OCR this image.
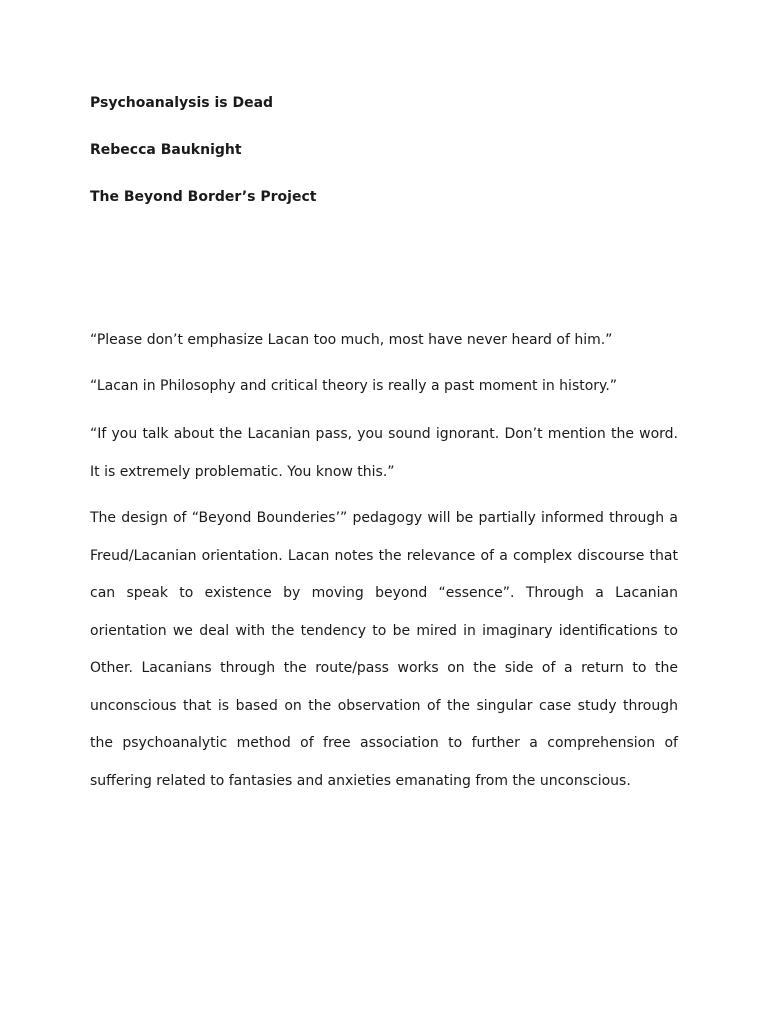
Psychoanalysis is Dead

Rebecca Bauknight

The Beyond Border’s Project

“Please don’t emphasize Lacan too much, most have never heard of him.”

“Lacan in Philosophy and critical theory is really a past moment in history.”

“If you talk about the Lacanian pass, you sound ignorant. Don’t mention the word. It is extremely problematic. You know this.”

The design of “Beyond Bounderies’” pedagogy will be partially informed through a Freud/Lacanian orientation. Lacan notes the relevance of a complex discourse that can speak to existence by moving beyond “essence”. Through a Lacanian orientation we deal with the tendency to be mired in imaginary identifications to Other. Lacanians through the route/pass works on the side of a return to the unconscious that is based on the observation of the singular case study through the psychoanalytic method of free association to further a comprehension of suffering related to fantasies and anxieties emanating from the unconscious.
